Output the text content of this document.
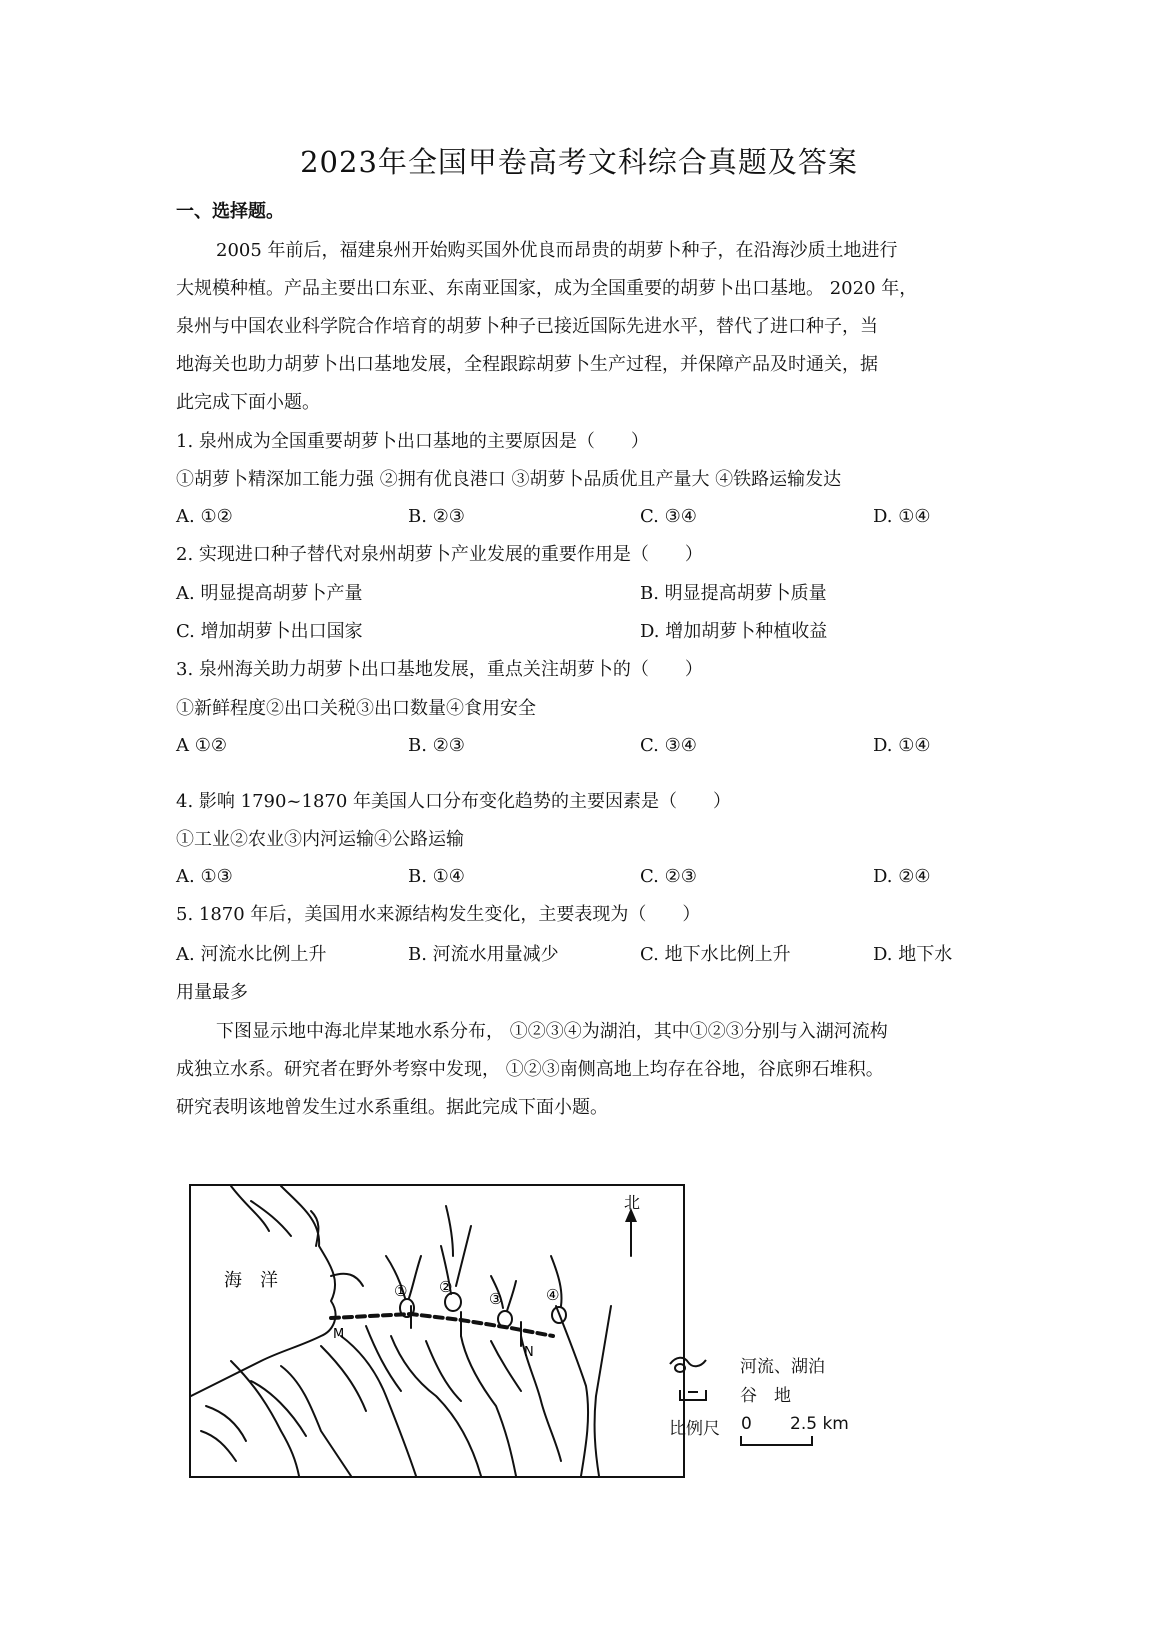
2023年全国甲卷高考文科综合真题及答案
一、选择题。
2005 年前后，福建泉州开始购买国外优良而昂贵的胡萝卜种子，在沿海沙质土地进行
大规模种植。产品主要出口东亚、东南亚国家，成为全国重要的胡萝卜出口基地。 2020 年，
泉州与中国农业科学院合作培育的胡萝卜种子已接近国际先进水平，替代了进口种子，当
地海关也助力胡萝卜出口基地发展，全程跟踪胡萝卜生产过程，并保障产品及时通关，据
此完成下面小题。
1. 泉州成为全国重要胡萝卜出口基地的主要原因是（　　）
①胡萝卜精深加工能力强 ②拥有优良港口 ③胡萝卜品质优且产量大 ④铁路运输发达
A. ①②	B. ②③	C. ③④	D. ①④
2. 实现进口种子替代对泉州胡萝卜产业发展的重要作用是（　　）
A. 明显提高胡萝卜产量	B. 明显提高胡萝卜质量
C. 增加胡萝卜出口国家	D. 增加胡萝卜种植收益
3. 泉州海关助力胡萝卜出口基地发展，重点关注胡萝卜的（　　）
①新鲜程度②出口关税③出口数量④食用安全
A ①②	B. ②③	C. ③④	D. ①④
4. 影响 1790~1870 年美国人口分布变化趋势的主要因素是（　　）
①工业②农业③内河运输④公路运输
A. ①③	B. ①④	C. ②③	D. ②④
5. 1870 年后，美国用水来源结构发生变化，主要表现为（　　）
A. 河流水比例上升	B. 河流水用量减少	C. 地下水比例上升	D. 地下水
用量最多
下图显示地中海北岸某地水系分布， ①②③④为湖泊，其中①②③分别与入湖河流构
成独立水系。研究者在野外考察中发现， ①②③南侧高地上均存在谷地，谷底卵石堆积。
研究表明该地曾发生过水系重组。据此完成下面小题。
北
海　洋	① ②
③	④
M
N
河流、湖泊
谷　地
比例尺 0 2.5 km
